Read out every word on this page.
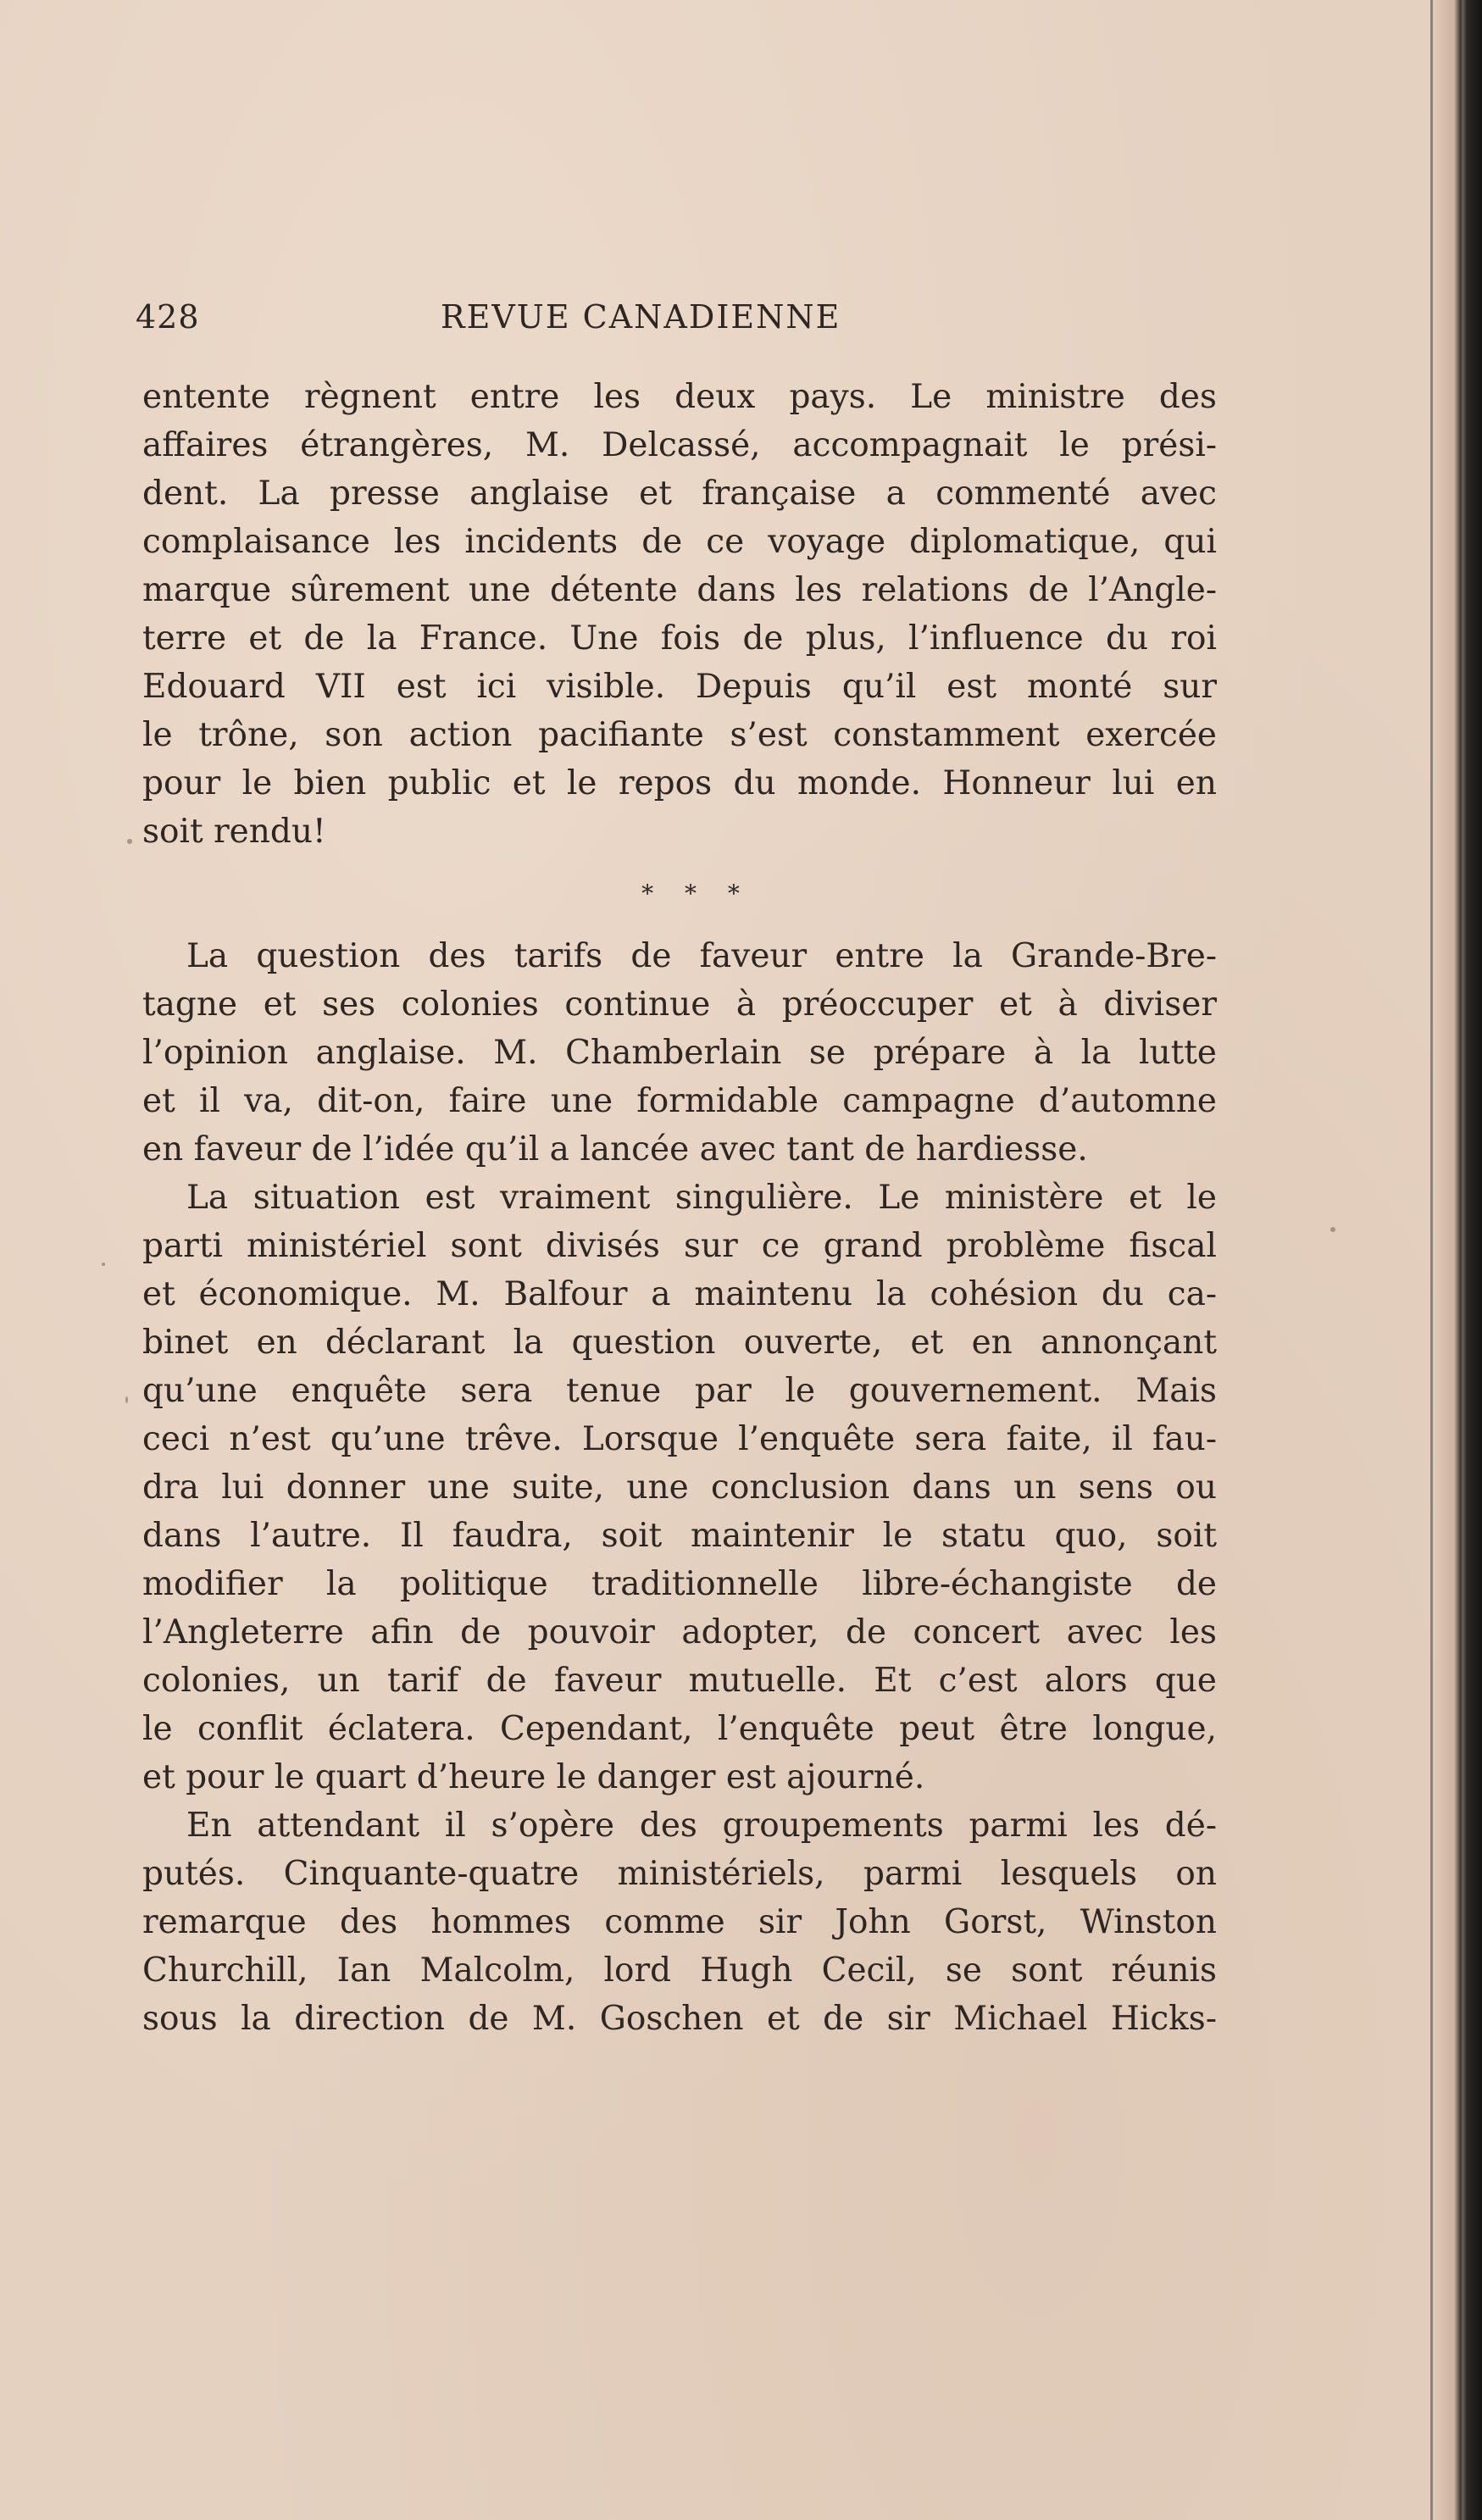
428	REVUE CANADIENNE
entente règnent entre les deux pays. Le ministre des
affaires étrangères, M. Delcassé, accompagnait le prési-
dent. La presse anglaise et française a commenté avec
complaisance les incidents de ce voyage diplomatique, qui
marque sûrement une détente dans les relations de l’Angle-
terre et de la France. Une fois de plus, l’influence du roi
Edouard VII est ici visible. Depuis qu’il est monté sur
le trône, son action pacifiante s’est constamment exercée
pour le bien public et le repos du monde. Honneur lui en
soit rendu!
* * *
La question des tarifs de faveur entre la Grande-Bre-
tagne et ses colonies continue à préoccuper et à diviser
l’opinion anglaise. M. Chamberlain se prépare à la lutte
et il va, dit-on, faire une formidable campagne d’automne
en faveur de l’idée qu’il a lancée avec tant de hardiesse.
La situation est vraiment singulière. Le ministère et le
parti ministériel sont divisés sur ce grand problème fiscal
et économique. M. Balfour a maintenu la cohésion du ca-
binet en déclarant la question ouverte, et en annonçant
qu’une enquête sera tenue par le gouvernement. Mais
ceci n’est qu’une trêve. Lorsque l’enquête sera faite, il fau-
dra lui donner une suite, une conclusion dans un sens ou
dans l’autre. Il faudra, soit maintenir le statu quo, soit
modifier la politique traditionnelle libre-échangiste de
l’Angleterre afin de pouvoir adopter, de concert avec les
colonies, un tarif de faveur mutuelle. Et c’est alors que
le conflit éclatera. Cependant, l’enquête peut être longue,
et pour le quart d’heure le danger est ajourné.
En attendant il s’opère des groupements parmi les dé-
putés. Cinquante-quatre ministériels, parmi lesquels on
remarque des hommes comme sir John Gorst, Winston
Churchill, Ian Malcolm, lord Hugh Cecil, se sont réunis
sous la direction de M. Goschen et de sir Michael Hicks-
